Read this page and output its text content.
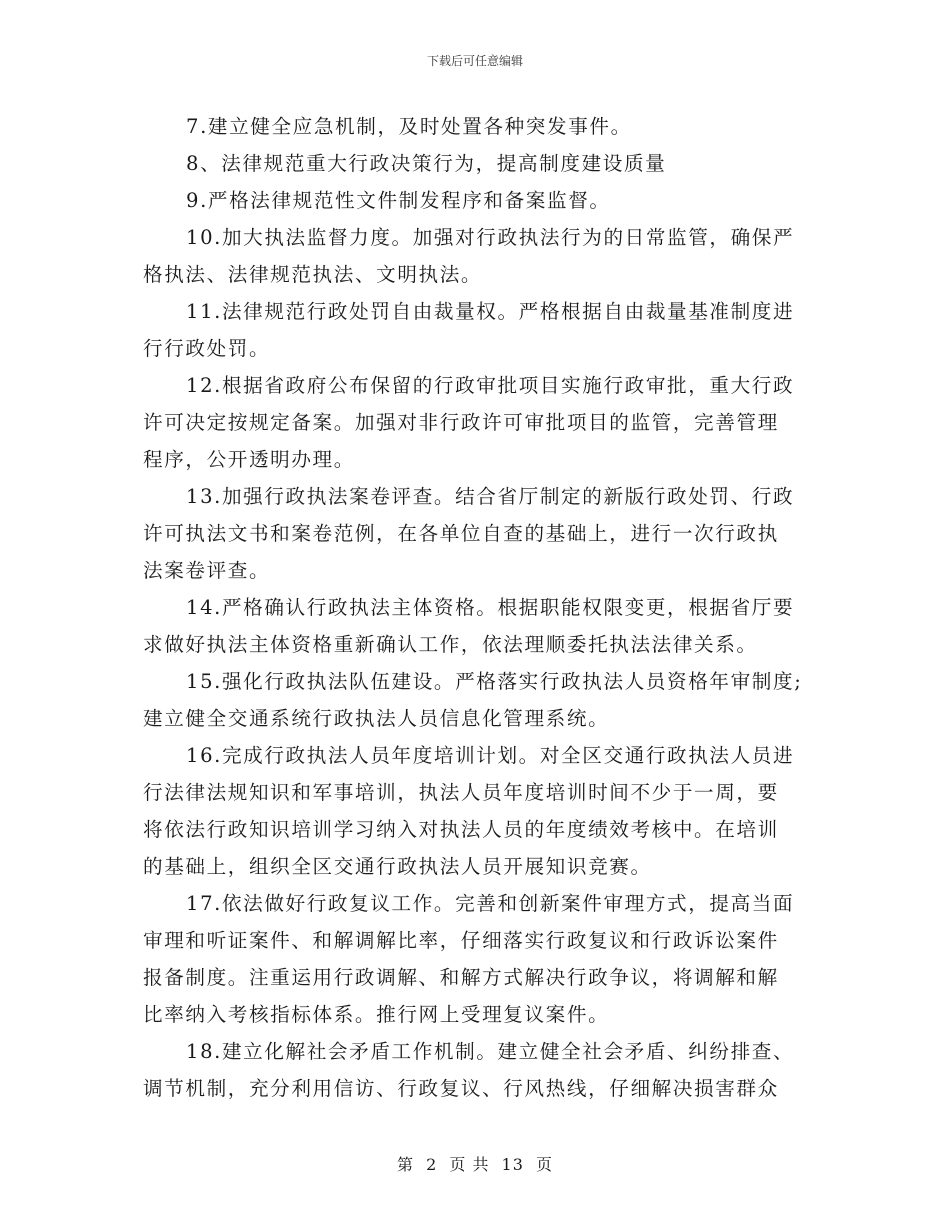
下载后可任意编辑
7.建立健全应急机制，及时处置各种突发事件。
8、法律规范重大行政决策行为，提高制度建设质量
9.严格法律规范性文件制发程序和备案监督。
10.加大执法监督力度。加强对行政执法行为的日常监管，确保严
格执法、法律规范执法、文明执法。
11.法律规范行政处罚自由裁量权。严格根据自由裁量基准制度进
行行政处罚。
12.根据省政府公布保留的行政审批项目实施行政审批，重大行政
许可决定按规定备案。加强对非行政许可审批项目的监管，完善管理
程序，公开透明办理。
13.加强行政执法案卷评查。结合省厅制定的新版行政处罚、行政
许可执法文书和案卷范例，在各单位自查的基础上，进行一次行政执
法案卷评查。
14.严格确认行政执法主体资格。根据职能权限变更，根据省厅要
求做好执法主体资格重新确认工作，依法理顺委托执法法律关系。
15.强化行政执法队伍建设。严格落实行政执法人员资格年审制度;
建立健全交通系统行政执法人员信息化管理系统。
16.完成行政执法人员年度培训计划。对全区交通行政执法人员进
行法律法规知识和军事培训，执法人员年度培训时间不少于一周，要
将依法行政知识培训学习纳入对执法人员的年度绩效考核中。在培训
的基础上，组织全区交通行政执法人员开展知识竞赛。
17.依法做好行政复议工作。完善和创新案件审理方式，提高当面
审理和听证案件、和解调解比率，仔细落实行政复议和行政诉讼案件
报备制度。注重运用行政调解、和解方式解决行政争议，将调解和解
比率纳入考核指标体系。推行网上受理复议案件。
18.建立化解社会矛盾工作机制。建立健全社会矛盾、纠纷排查、
调节机制，充分利用信访、行政复议、行风热线，仔细解决损害群众
第 2 页 共 13 页
